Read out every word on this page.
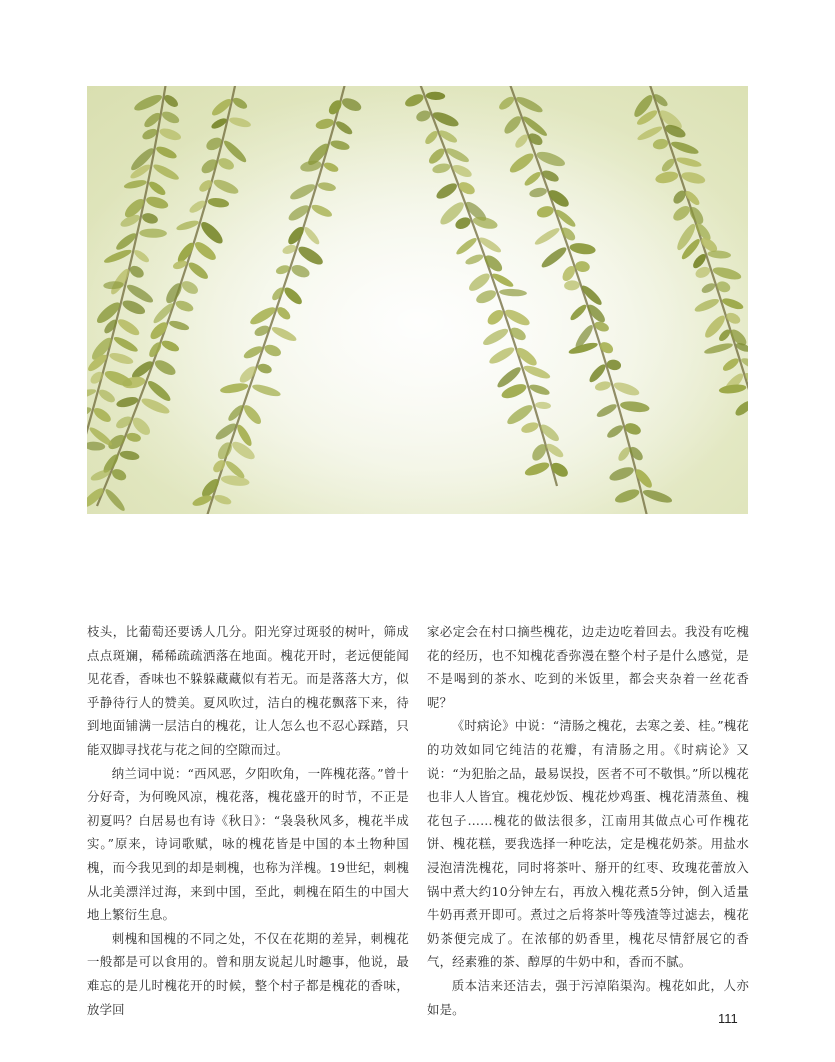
枝头，比葡萄还要诱人几分。阳光穿过斑驳的树叶，筛成点点斑斓，稀稀疏疏洒落在地面。槐花开时，老远便能闻见花香，香味也不躲躲藏藏似有若无。而是落落大方，似乎静待行人的赞美。夏风吹过，洁白的槐花飘落下来，待到地面铺满一层洁白的槐花，让人怎么也不忍心踩踏，只能双脚寻找花与花之间的空隙而过。

纳兰词中说：“西风恶，夕阳吹角，一阵槐花落。”曾十分好奇，为何晚风凉，槐花落，槐花盛开的时节，不正是初夏吗？白居易也有诗《秋日》：“袅袅秋风多，槐花半成实。”原来，诗词歌赋，咏的槐花皆是中国的本土物种国槐，而今我见到的却是刺槐，也称为洋槐。19世纪，刺槐从北美漂洋过海，来到中国，至此，刺槐在陌生的中国大地上繁衍生息。

刺槐和国槐的不同之处，不仅在花期的差异，刺槐花一般都是可以食用的。曾和朋友说起儿时趣事，他说，最难忘的是儿时槐花开的时候，整个村子都是槐花的香味，放学回

家必定会在村口摘些槐花，边走边吃着回去。我没有吃槐花的经历，也不知槐花香弥漫在整个村子是什么感觉，是不是喝到的茶水、吃到的米饭里，都会夹杂着一丝花香呢？

《时病论》中说：“清肠之槐花，去寒之姜、桂。”槐花的功效如同它纯洁的花瓣，有清肠之用。《时病论》又说：“为犯胎之品，最易误投，医者不可不敬惧。”所以槐花也非人人皆宜。槐花炒饭、槐花炒鸡蛋、槐花清蒸鱼、槐花包子……槐花的做法很多，江南用其做点心可作槐花饼、槐花糕，要我选择一种吃法，定是槐花奶茶。用盐水浸泡清洗槐花，同时将茶叶、掰开的红枣、玫瑰花蕾放入锅中煮大约10分钟左右，再放入槐花煮5分钟，倒入适量牛奶再煮开即可。煮过之后将茶叶等残渣等过滤去，槐花奶茶便完成了。在浓郁的奶香里，槐花尽情舒展它的香气，经素雅的茶、醇厚的牛奶中和，香而不腻。

质本洁来还洁去，强于污淖陷渠沟。槐花如此，人亦如是。

111
